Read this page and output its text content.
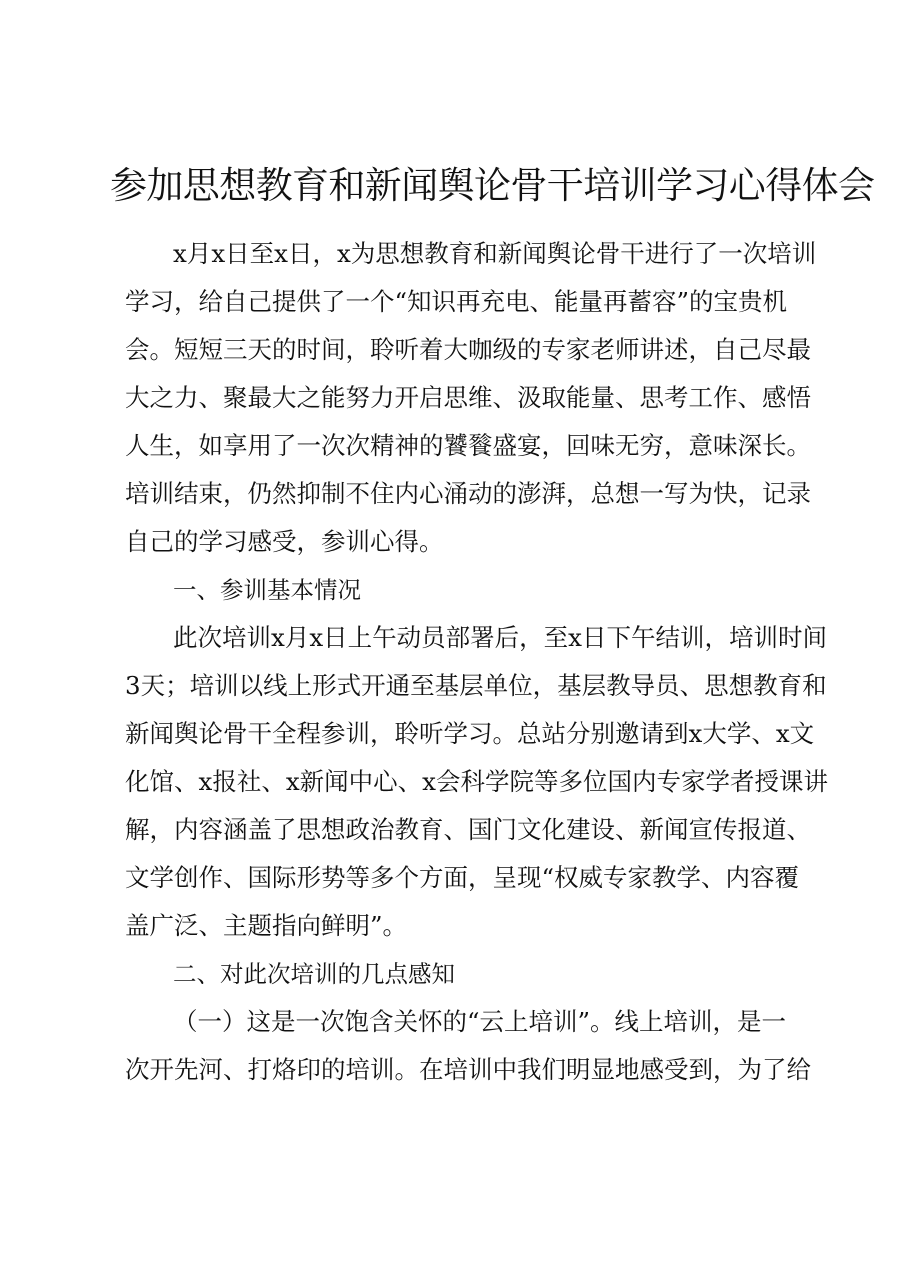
参加思想教育和新闻舆论骨干培训学习心得体会
x月x日至x日，x为思想教育和新闻舆论骨干进行了一次培训
学习，给自己提供了一个“知识再充电、能量再蓄容”的宝贵机
会。短短三天的时间，聆听着大咖级的专家老师讲述，自己尽最
大之力、聚最大之能努力开启思维、汲取能量、思考工作、感悟
人生，如享用了一次次精神的饕餮盛宴，回味无穷，意味深长。
培训结束，仍然抑制不住内心涌动的澎湃，总想一写为快，记录
自己的学习感受，参训心得。
一、参训基本情况
此次培训x月x日上午动员部署后，至x日下午结训，培训时间
3天；培训以线上形式开通至基层单位，基层教导员、思想教育和
新闻舆论骨干全程参训，聆听学习。总站分别邀请到x大学、x文
化馆、x报社、x新闻中心、x会科学院等多位国内专家学者授课讲
解，内容涵盖了思想政治教育、国门文化建设、新闻宣传报道、
文学创作、国际形势等多个方面，呈现“权威专家教学、内容覆
盖广泛、主题指向鲜明”。
二、对此次培训的几点感知
（一）这是一次饱含关怀的“云上培训”。线上培训，是一
次开先河、打烙印的培训。在培训中我们明显地感受到，为了给
